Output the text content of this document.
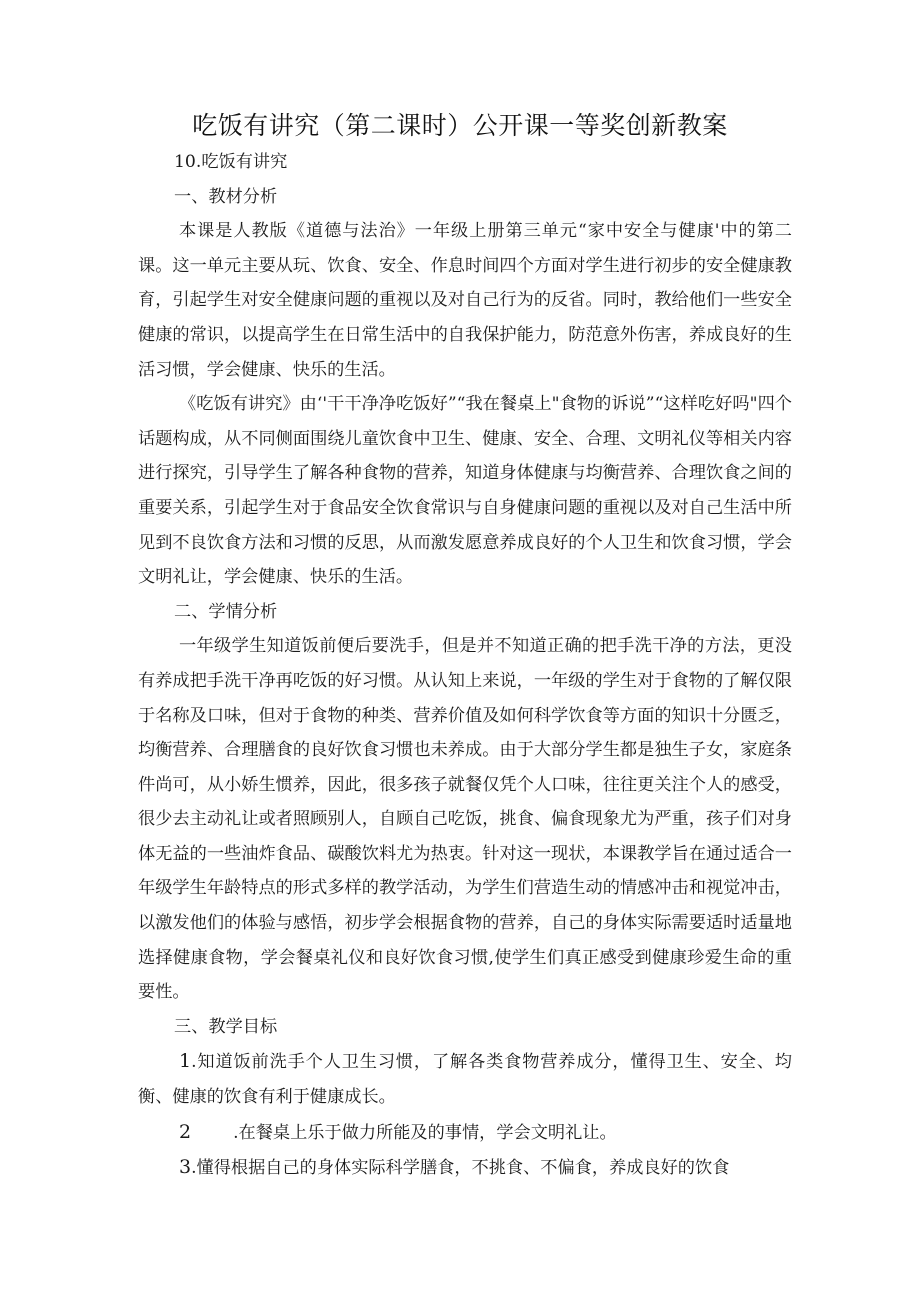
吃饭有讲究（第二课时）公开课一等奖创新教案

10.吃饭有讲究

一、教材分析

本课是人教版《道德与法治》一年级上册第三单元“家中安全与健康'中的第二课。这一单元主要从玩、饮食、安全、作息时间四个方面对学生进行初步的安全健康教育，引起学生对安全健康问题的重视以及对自己行为的反省。同时，教给他们一些安全健康的常识，以提高学生在日常生活中的自我保护能力，防范意外伤害，养成良好的生活习惯，学会健康、快乐的生活。

《吃饭有讲究》由‘'干干净净吃饭好”“我在餐桌上"食物的诉说”“这样吃好吗"四个话题构成，从不同侧面围绕儿童饮食中卫生、健康、安全、合理、文明礼仪等相关内容进行探究，引导学生了解各种食物的营养，知道身体健康与均衡营养、合理饮食之间的重要关系，引起学生对于食品安全饮食常识与自身健康问题的重视以及对自己生活中所见到不良饮食方法和习惯的反思，从而激发愿意养成良好的个人卫生和饮食习惯，学会文明礼让，学会健康、快乐的生活。

二、学情分析

一年级学生知道饭前便后要洗手，但是并不知道正确的把手洗干净的方法，更没有养成把手洗干净再吃饭的好习惯。从认知上来说，一年级的学生对于食物的了解仅限于名称及口味，但对于食物的种类、营养价值及如何科学饮食等方面的知识十分匮乏，均衡营养、合理膳食的良好饮食习惯也未养成。由于大部分学生都是独生子女，家庭条件尚可，从小娇生惯养，因此，很多孩子就餐仅凭个人口味，往往更关注个人的感受，很少去主动礼让或者照顾别人，自顾自己吃饭，挑食、偏食现象尤为严重，孩子们对身体无益的一些油炸食品、碳酸饮料尤为热衷。针对这一现状，本课教学旨在通过适合一年级学生年龄特点的形式多样的教学活动，为学生们营造生动的情感冲击和视觉冲击，以激发他们的体验与感悟，初步学会根据食物的营养，自己的身体实际需要适时适量地选择健康食物，学会餐桌礼仪和良好饮食习惯,使学生们真正感受到健康珍爱生命的重要性。

三、教学目标

1.知道饭前洗手个人卫生习惯，了解各类食物营养成分，懂得卫生、安全、均衡、健康的饮食有利于健康成长。

2 .在餐桌上乐于做力所能及的事情，学会文明礼让。

3.懂得根据自己的身体实际科学膳食，不挑食、不偏食，养成良好的饮食
